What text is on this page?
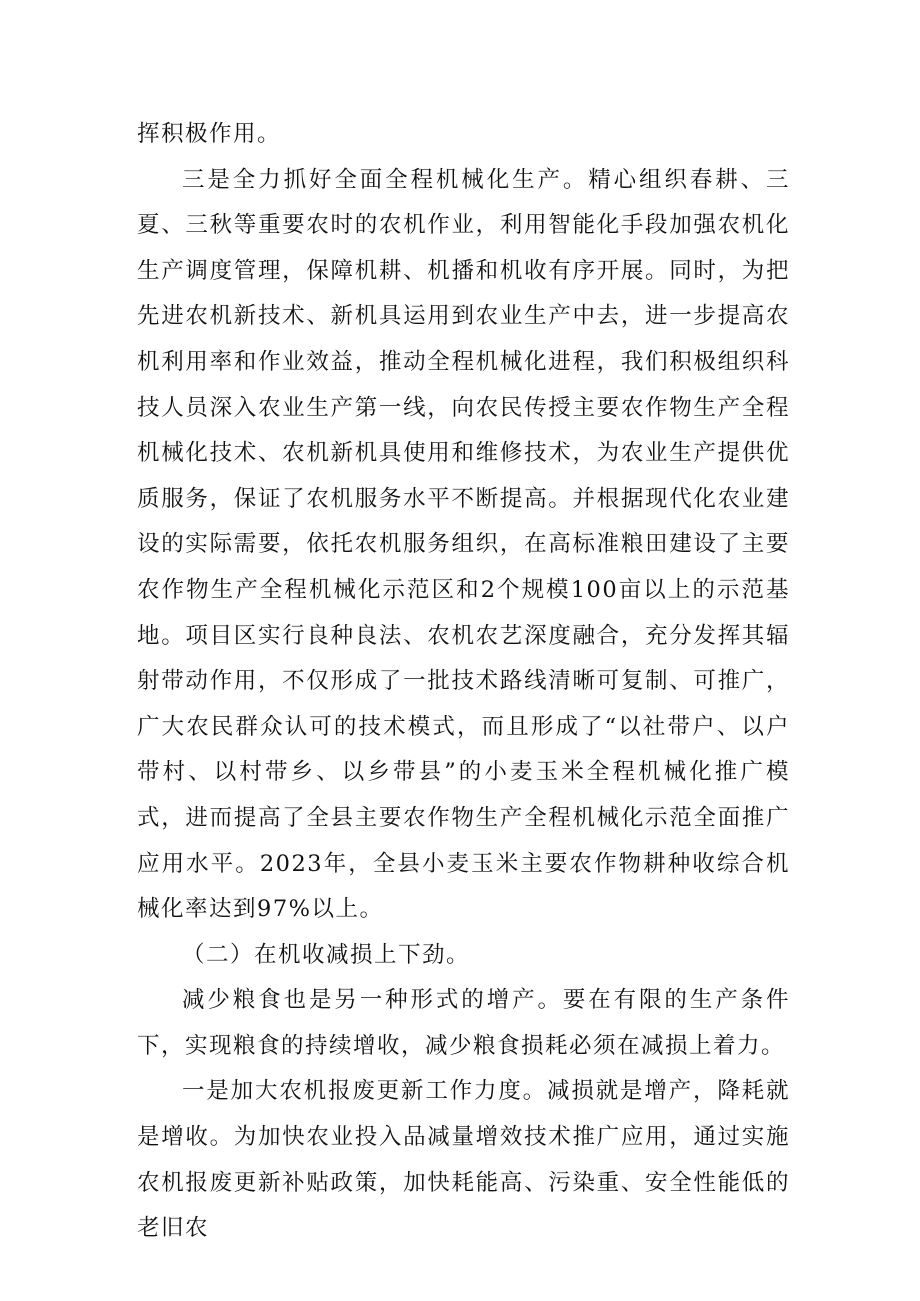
挥积极作用。

三是全力抓好全面全程机械化生产。精心组织春耕、三夏、三秋等重要农时的农机作业，利用智能化手段加强农机化生产调度管理，保障机耕、机播和机收有序开展。同时，为把先进农机新技术、新机具运用到农业生产中去，进一步提高农机利用率和作业效益，推动全程机械化进程，我们积极组织科技人员深入农业生产第一线，向农民传授主要农作物生产全程机械化技术、农机新机具使用和维修技术，为农业生产提供优质服务，保证了农机服务水平不断提高。并根据现代化农业建设的实际需要，依托农机服务组织，在高标准粮田建设了主要农作物生产全程机械化示范区和2个规模100亩以上的示范基地。项目区实行良种良法、农机农艺深度融合，充分发挥其辐射带动作用，不仅形成了一批技术路线清晰可复制、可推广，广大农民群众认可的技术模式，而且形成了“以社带户、以户带村、以村带乡、以乡带县”的小麦玉米全程机械化推广模式，进而提高了全县主要农作物生产全程机械化示范全面推广应用水平。2023年，全县小麦玉米主要农作物耕种收综合机械化率达到97%以上。

（二）在机收减损上下劲。

减少粮食也是另一种形式的增产。要在有限的生产条件下，实现粮食的持续增收，减少粮食损耗必须在减损上着力。

一是加大农机报废更新工作力度。减损就是增产，降耗就是增收。为加快农业投入品减量增效技术推广应用，通过实施农机报废更新补贴政策，加快耗能高、污染重、安全性能低的老旧农
